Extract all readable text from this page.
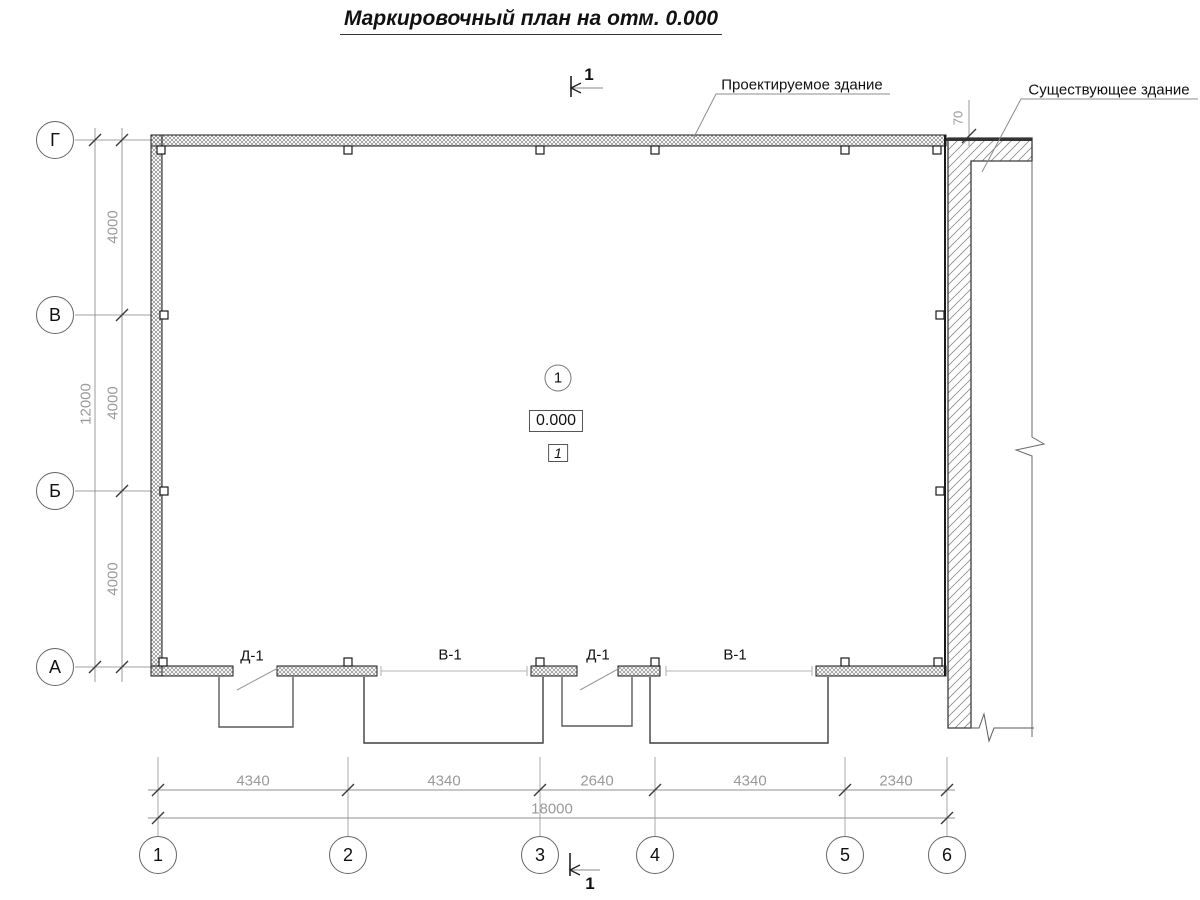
Маркировочный план на отм. 0.000
Проектируемое здание	Существующее здание
70
1
1
Г
В
Б
А
1	2	3	4	5	6
4000
4000
4000
12000
4340	4340	2640	4340	2340
18000
Д-1	В-1	Д-1	В-1
1
0.000
1
